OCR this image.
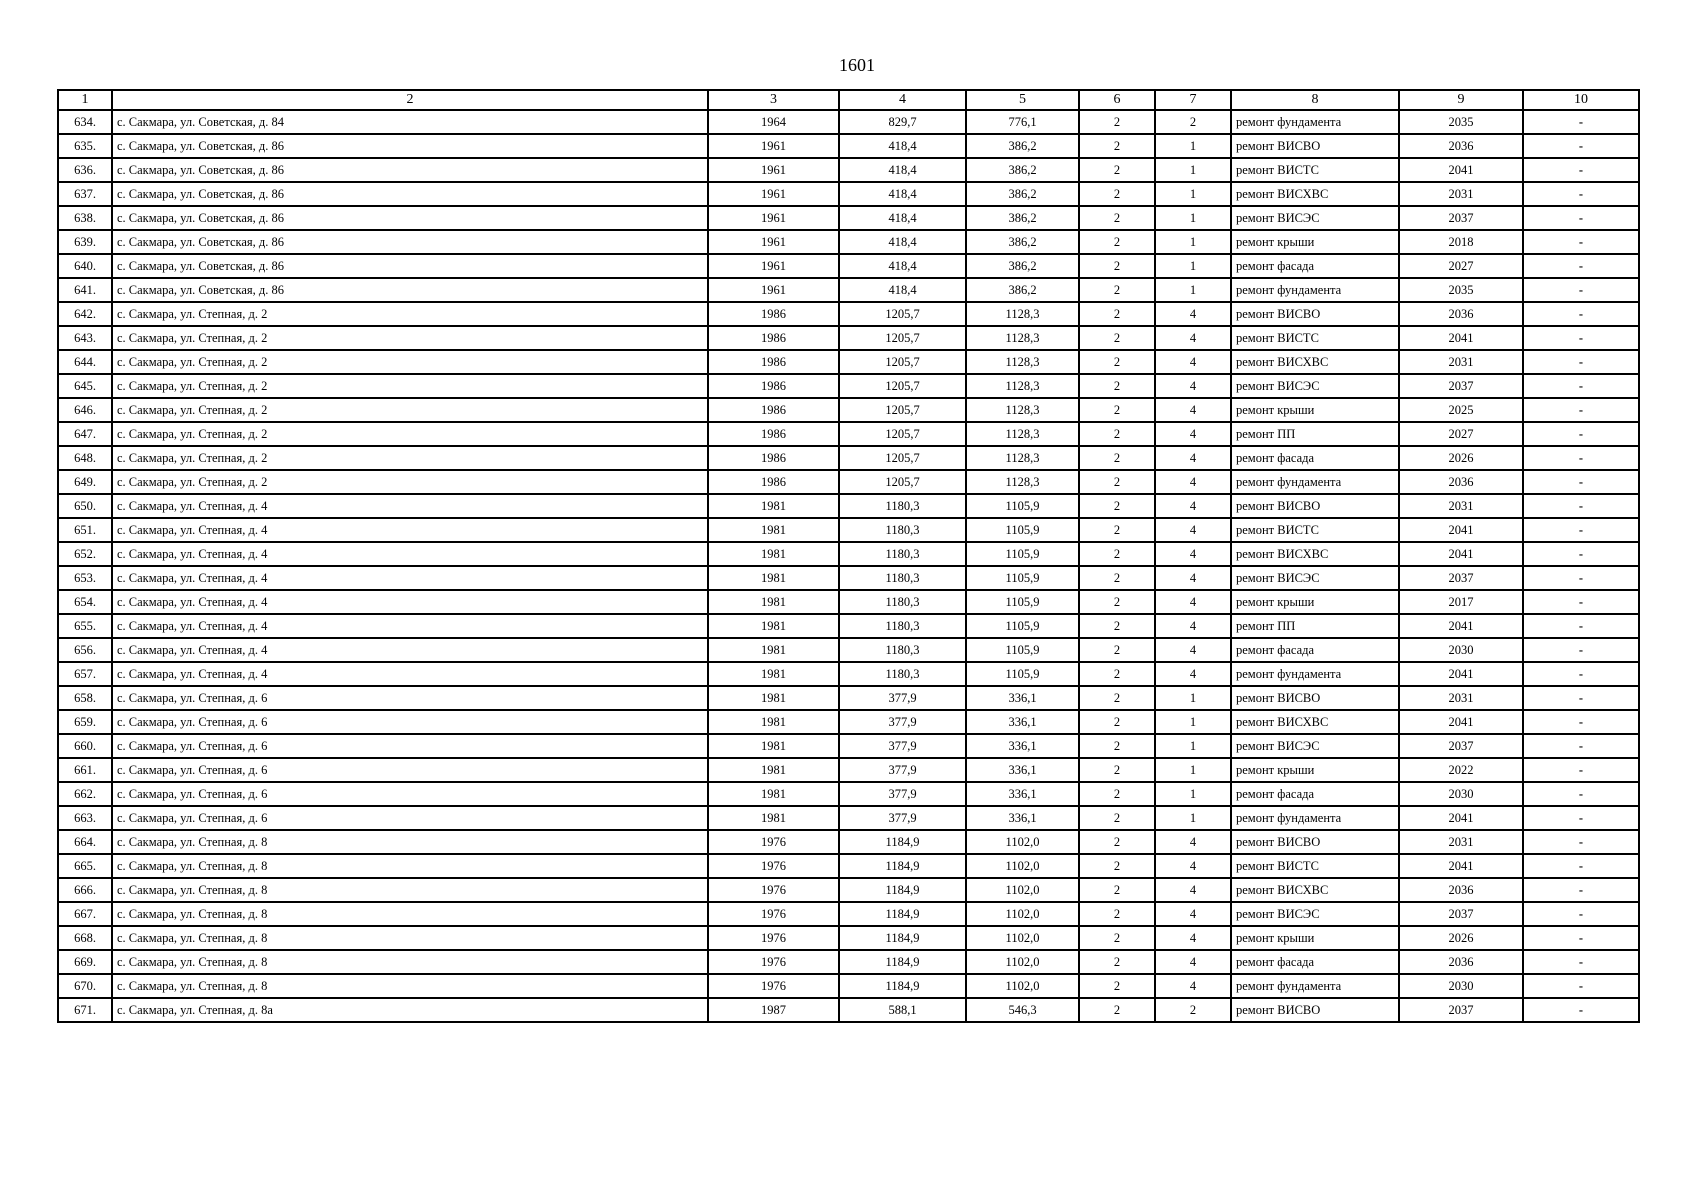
1601
1	2	3	4	5	6	7	8	9	10
634.	с. Сакмара, ул. Советская, д. 84	1964	829,7	776,1	2	2	ремонт фундамента	2035	-
635.	с. Сакмара, ул. Советская, д. 86	1961	418,4	386,2	2	1	ремонт ВИСВО	2036	-
636.	с. Сакмара, ул. Советская, д. 86	1961	418,4	386,2	2	1	ремонт ВИСТС	2041	-
637.	с. Сакмара, ул. Советская, д. 86	1961	418,4	386,2	2	1	ремонт ВИСХВС	2031	-
638.	с. Сакмара, ул. Советская, д. 86	1961	418,4	386,2	2	1	ремонт ВИСЭС	2037	-
639.	с. Сакмара, ул. Советская, д. 86	1961	418,4	386,2	2	1	ремонт крыши	2018	-
640.	с. Сакмара, ул. Советская, д. 86	1961	418,4	386,2	2	1	ремонт фасада	2027	-
641.	с. Сакмара, ул. Советская, д. 86	1961	418,4	386,2	2	1	ремонт фундамента	2035	-
642.	с. Сакмара, ул. Степная, д. 2	1986	1205,7	1128,3	2	4	ремонт ВИСВО	2036	-
643.	с. Сакмара, ул. Степная, д. 2	1986	1205,7	1128,3	2	4	ремонт ВИСТС	2041	-
644.	с. Сакмара, ул. Степная, д. 2	1986	1205,7	1128,3	2	4	ремонт ВИСХВС	2031	-
645.	с. Сакмара, ул. Степная, д. 2	1986	1205,7	1128,3	2	4	ремонт ВИСЭС	2037	-
646.	с. Сакмара, ул. Степная, д. 2	1986	1205,7	1128,3	2	4	ремонт крыши	2025	-
647.	с. Сакмара, ул. Степная, д. 2	1986	1205,7	1128,3	2	4	ремонт ПП	2027	-
648.	с. Сакмара, ул. Степная, д. 2	1986	1205,7	1128,3	2	4	ремонт фасада	2026	-
649.	с. Сакмара, ул. Степная, д. 2	1986	1205,7	1128,3	2	4	ремонт фундамента	2036	-
650.	с. Сакмара, ул. Степная, д. 4	1981	1180,3	1105,9	2	4	ремонт ВИСВО	2031	-
651.	с. Сакмара, ул. Степная, д. 4	1981	1180,3	1105,9	2	4	ремонт ВИСТС	2041	-
652.	с. Сакмара, ул. Степная, д. 4	1981	1180,3	1105,9	2	4	ремонт ВИСХВС	2041	-
653.	с. Сакмара, ул. Степная, д. 4	1981	1180,3	1105,9	2	4	ремонт ВИСЭС	2037	-
654.	с. Сакмара, ул. Степная, д. 4	1981	1180,3	1105,9	2	4	ремонт крыши	2017	-
655.	с. Сакмара, ул. Степная, д. 4	1981	1180,3	1105,9	2	4	ремонт ПП	2041	-
656.	с. Сакмара, ул. Степная, д. 4	1981	1180,3	1105,9	2	4	ремонт фасада	2030	-
657.	с. Сакмара, ул. Степная, д. 4	1981	1180,3	1105,9	2	4	ремонт фундамента	2041	-
658.	с. Сакмара, ул. Степная, д. 6	1981	377,9	336,1	2	1	ремонт ВИСВО	2031	-
659.	с. Сакмара, ул. Степная, д. 6	1981	377,9	336,1	2	1	ремонт ВИСХВС	2041	-
660.	с. Сакмара, ул. Степная, д. 6	1981	377,9	336,1	2	1	ремонт ВИСЭС	2037	-
661.	с. Сакмара, ул. Степная, д. 6	1981	377,9	336,1	2	1	ремонт крыши	2022	-
662.	с. Сакмара, ул. Степная, д. 6	1981	377,9	336,1	2	1	ремонт фасада	2030	-
663.	с. Сакмара, ул. Степная, д. 6	1981	377,9	336,1	2	1	ремонт фундамента	2041	-
664.	с. Сакмара, ул. Степная, д. 8	1976	1184,9	1102,0	2	4	ремонт ВИСВО	2031	-
665.	с. Сакмара, ул. Степная, д. 8	1976	1184,9	1102,0	2	4	ремонт ВИСТС	2041	-
666.	с. Сакмара, ул. Степная, д. 8	1976	1184,9	1102,0	2	4	ремонт ВИСХВС	2036	-
667.	с. Сакмара, ул. Степная, д. 8	1976	1184,9	1102,0	2	4	ремонт ВИСЭС	2037	-
668.	с. Сакмара, ул. Степная, д. 8	1976	1184,9	1102,0	2	4	ремонт крыши	2026	-
669.	с. Сакмара, ул. Степная, д. 8	1976	1184,9	1102,0	2	4	ремонт фасада	2036	-
670.	с. Сакмара, ул. Степная, д. 8	1976	1184,9	1102,0	2	4	ремонт фундамента	2030	-
671.	с. Сакмара, ул. Степная, д. 8а	1987	588,1	546,3	2	2	ремонт ВИСВО	2037	-
